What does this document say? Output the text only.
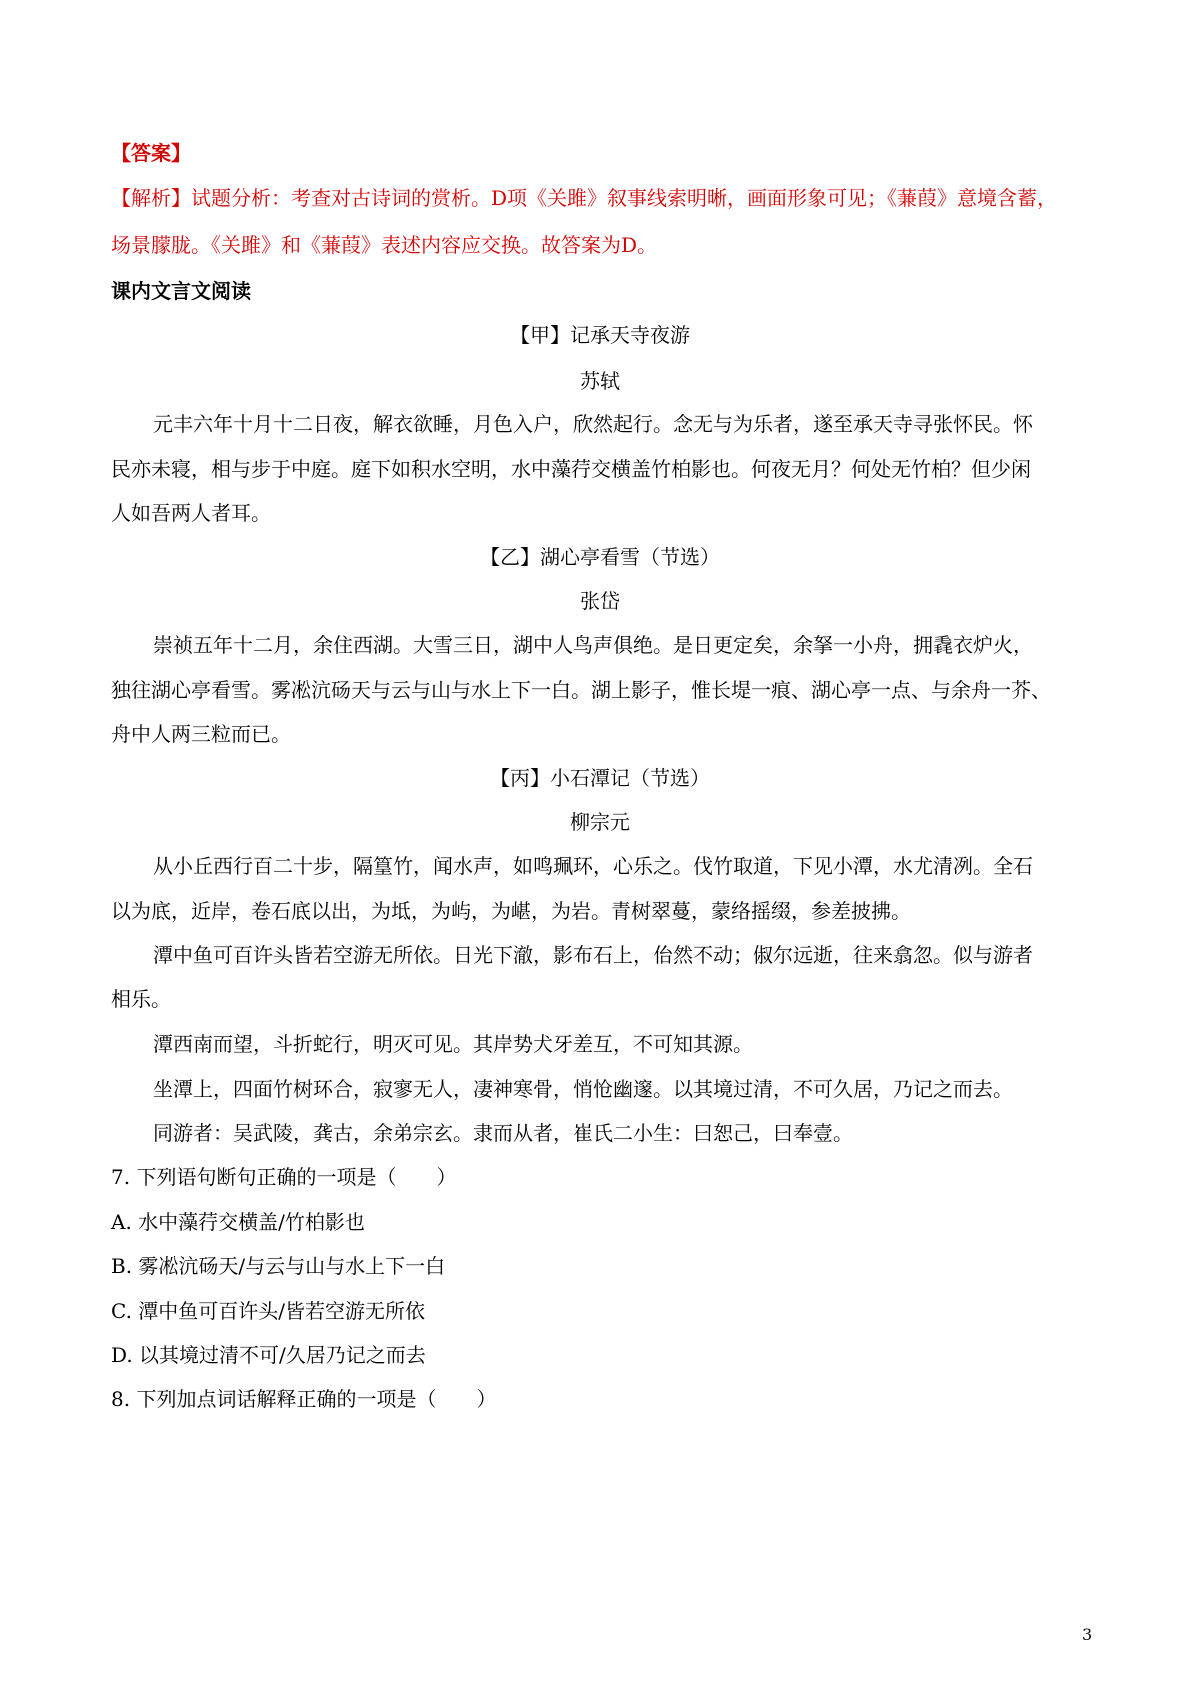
【答案】
【解析】试题分析：考查对古诗词的赏析。D项《关雎》叙事线索明晰，画面形象可见；《蒹葭》意境含蓄，
场景朦胧。《关雎》和《蒹葭》表述内容应交换。故答案为D。
课内文言文阅读
【甲】记承天寺夜游
苏轼
元丰六年十月十二日夜，解衣欲睡，月色入户，欣然起行。念无与为乐者，遂至承天寺寻张怀民。怀
民亦未寝，相与步于中庭。庭下如积水空明，水中藻荇交横盖竹柏影也。何夜无月？何处无竹柏？但少闲
人如吾两人者耳。
【乙】湖心亭看雪（节选）
张岱
崇祯五年十二月，余住西湖。大雪三日，湖中人鸟声俱绝。是日更定矣，余拏一小舟，拥毳衣炉火，
独往湖心亭看雪。雾凇沆砀天与云与山与水上下一白。湖上影子，惟长堤一痕、湖心亭一点、与余舟一芥、
舟中人两三粒而已。
【丙】小石潭记（节选）
柳宗元
从小丘西行百二十步，隔篁竹，闻水声，如鸣珮环，心乐之。伐竹取道，下见小潭，水尤清冽。全石
以为底，近岸，卷石底以出，为坻，为屿，为嵁，为岩。青树翠蔓，蒙络摇缀，参差披拂。
潭中鱼可百许头皆若空游无所依。日光下澈，影布石上，佁然不动；俶尔远逝，往来翕忽。似与游者
相乐。
潭西南而望，斗折蛇行，明灭可见。其岸势犬牙差互，不可知其源。
坐潭上，四面竹树环合，寂寥无人，凄神寒骨，悄怆幽邃。以其境过清，不可久居，乃记之而去。
同游者：吴武陵，龚古，余弟宗玄。隶而从者，崔氏二小生：曰恕己，曰奉壹。
7. 下列语句断句正确的一项是（　　）
A. 水中藻荇交横盖/竹柏影也
B. 雾凇沆砀天/与云与山与水上下一白
C. 潭中鱼可百许头/皆若空游无所依
D. 以其境过清不可/久居乃记之而去
8. 下列加点词话解释正确的一项是（　　）
3
